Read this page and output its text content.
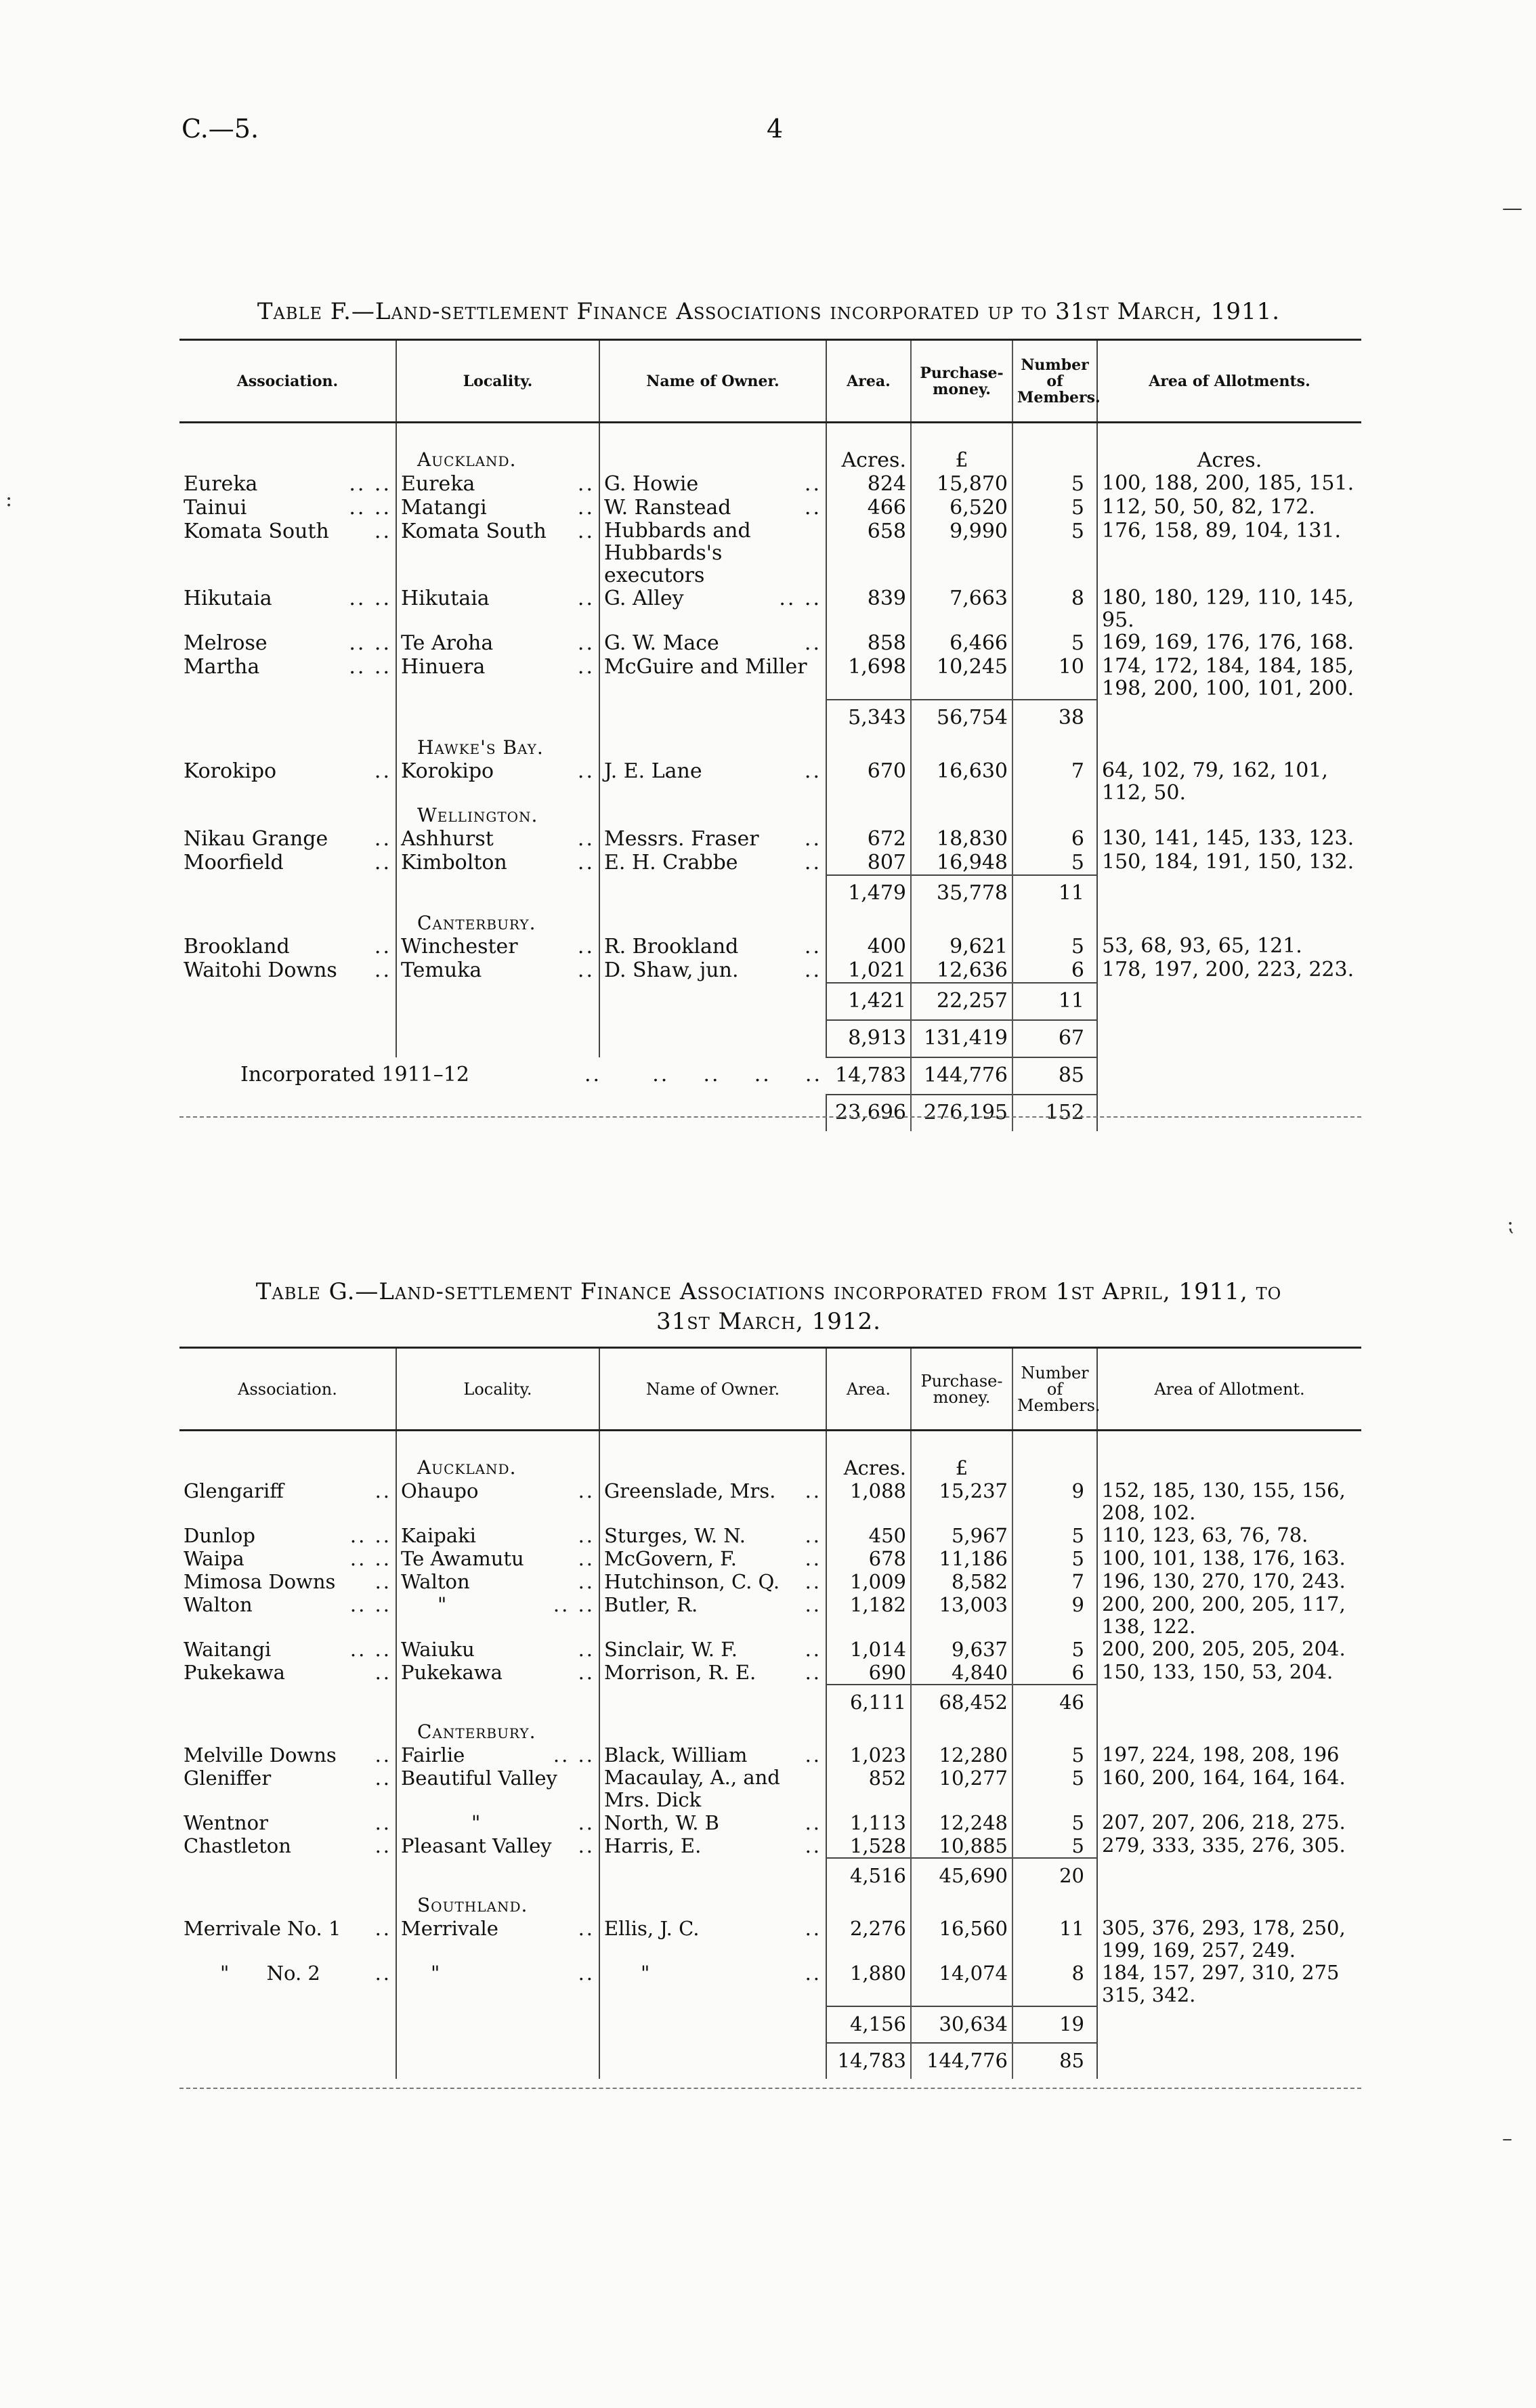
C.—5.	4
—
:
⁏
–
Table F.—Land-settlement Finance Associations incorporated up to 31st March, 1911.
Association.	Locality.	Name of Owner.	Area.	Purchase-money.	Number of Members.	Area of Allotments.

	Auckland.		Acres.	£		Acres.
Eureka .. ..	Eureka ..	G. Howie ..	824	15,870	5	100, 188, 200, 185, 151.
Tainui .. ..	Matangi ..	W. Ranstead ..	466	6,520	5	112, 50, 50, 82, 172.
Komata South ..	Komata South ..	Hubbards and Hubbards's executors	658	9,990	5	176, 158, 89, 104, 131.
Hikutaia .. ..	Hikutaia ..	G. Alley .. ..	839	7,663	8	180, 180, 129, 110, 145, 95.
Melrose .. ..	Te Aroha ..	G. W. Mace ..	858	6,466	5	169, 169, 176, 176, 168.
Martha .. ..	Hinuera ..	McGuire and Miller	1,698	10,245	10	174, 172, 184, 184, 185, 198, 200, 100, 101, 200.
			5,343	56,754	38	
	Hawke's Bay.					
Korokipo ..	Korokipo ..	J. E. Lane ..	670	16,630	7	64, 102, 79, 162, 101, 112, 50.
	Wellington.					
Nikau Grange ..	Ashhurst ..	Messrs. Fraser ..	672	18,830	6	130, 141, 145, 133, 123.
Moorfield ..	Kimbolton ..	E. H. Crabbe ..	807	16,948	5	150, 184, 191, 150, 132.
			1,479	35,778	11	
	Canterbury.					
Brookland ..	Winchester ..	R. Brookland ..	400	9,621	5	53, 68, 93, 65, 121.
Waitohi Downs ..	Temuka ..	D. Shaw, jun. ..	1,021	12,636	6	178, 197, 200, 223, 223.
			1,421	22,257	11	
			8,913	131,419	67	
Incorporated 1911–12 ..      ..    ..    ..    ..			14,783	144,776	85	
			23,696	276,195	152	
Table G.—Land-settlement Finance Associations incorporated from 1st April, 1911, to
31st March, 1912.
Association.	Locality.	Name of Owner.	Area.	Purchase-money.	Number of Members.	Area of Allotment.

	Auckland.		Acres.	£		
Glengariff ..	Ohaupo ..	Greenslade, Mrs. ..	1,088	15,237	9	152, 185, 130, 155, 156, 208, 102.
Dunlop .. ..	Kaipaki ..	Sturges, W. N. ..	450	5,967	5	110, 123, 63, 76, 78.
Waipa .. ..	Te Awamutu ..	McGovern, F. ..	678	11,186	5	100, 101, 138, 176, 163.
Mimosa Downs ..	Walton ..	Hutchinson, C. Q. ..	1,009	8,582	7	196, 130, 270, 170, 243.
Walton .. ..	" .. ..	Butler, R. ..	1,182	13,003	9	200, 200, 200, 205, 117, 138, 122.
Waitangi .. ..	Waiuku ..	Sinclair, W. F. ..	1,014	9,637	5	200, 200, 205, 205, 204.
Pukekawa ..	Pukekawa ..	Morrison, R. E. ..	690	4,840	6	150, 133, 150, 53, 204.
			6,111	68,452	46	
	Canterbury.					
Melville Downs ..	Fairlie .. ..	Black, William ..	1,023	12,280	5	197, 224, 198, 208, 196
Gleniffer ..	Beautiful Valley	Macaulay, A., and Mrs. Dick	852	10,277	5	160, 200, 164, 164, 164.
Wentnor ..	" ..	North, W. B ..	1,113	12,248	5	207, 207, 206, 218, 275.
Chastleton ..	Pleasant Valley ..	Harris, E. ..	1,528	10,885	5	279, 333, 335, 276, 305.
			4,516	45,690	20	
	Southland.					
Merrivale No. 1 ..	Merrivale ..	Ellis, J. C. ..	2,276	16,560	11	305, 376, 293, 178, 250, 199, 169, 257, 249.
"      No. 2 ..	" ..	" ..	1,880	14,074	8	184, 157, 297, 310, 275 315, 342.
			4,156	30,634	19	
			14,783	144,776	85	
